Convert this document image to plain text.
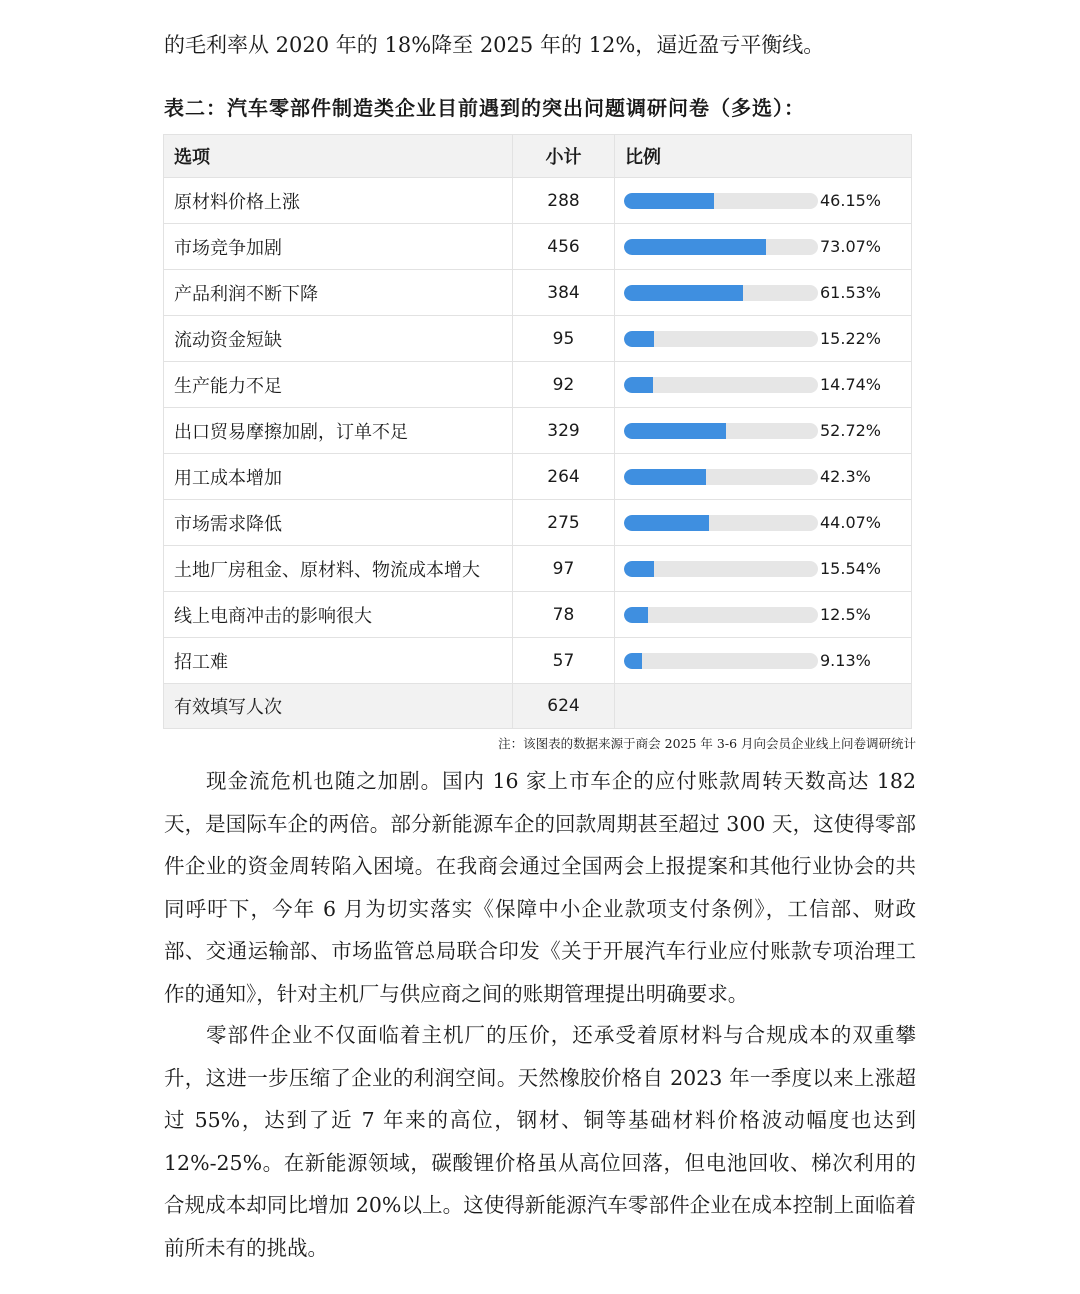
的毛利率从 2020 年的 18%降至 2025 年的 12%，逼近盈亏平衡线。
表二：汽车零部件制造类企业目前遇到的突出问题调研问卷（多选）：
选项	小计	比例
原材料价格上涨	288	46.15%

市场竞争加剧	456	73.07%

产品利润不断下降	384	61.53%

流动资金短缺	95	15.22%

生产能力不足	92	14.74%

出口贸易摩擦加剧，订单不足	329	52.72%

用工成本增加	264	42.3%

市场需求降低	275	44.07%

土地厂房租金、原材料、物流成本增大	97	15.54%

线上电商冲击的影响很大	78	12.5%

招工难	57	9.13%

有效填写人次	624	
注：该图表的数据来源于商会 2025 年 3-6 月向会员企业线上问卷调研统计

现金流危机也随之加剧。国内 16 家上市车企的应付账款周转天数高达 182 天，是国际车企的两倍。部分新能源车企的回款周期甚至超过 300 天，这使得零部件企业的资金周转陷入困境。在我商会通过全国两会上报提案和其他行业协会的共同呼吁下，今年 6 月为切实落实《保障中小企业款项支付条例》，工信部、财政部、交通运输部、市场监管总局联合印发《关于开展汽车行业应付账款专项治理工作的通知》，针对主机厂与供应商之间的账期管理提出明确要求。

零部件企业不仅面临着主机厂的压价，还承受着原材料与合规成本的双重攀升，这进一步压缩了企业的利润空间。天然橡胶价格自 2023 年一季度以来上涨超过 55%，达到了近 7 年来的高位，钢材、铜等基础材料价格波动幅度也达到 12%-25%。在新能源领域，碳酸锂价格虽从高位回落，但电池回收、梯次利用的合规成本却同比增加 20%以上。这使得新能源汽车零部件企业在成本控制上面临着前所未有的挑战。
